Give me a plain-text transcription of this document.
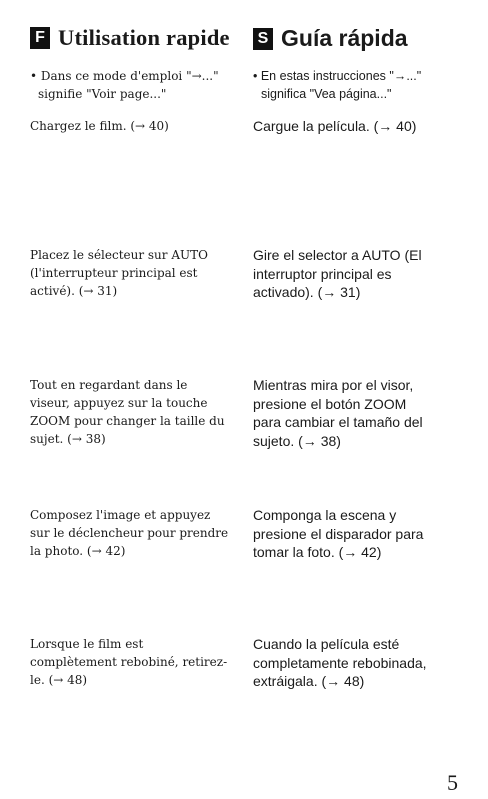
F Utilisation rapide
• Dans ce mode d'emploi "→..."
signifie "Voir page..."

Chargez le film. (→ 40)

Placez le sélecteur sur AUTO
(l'interrupteur principal est
activé). (→ 31)

Tout en regardant dans le
viseur, appuyez sur la touche
ZOOM pour changer la taille du
sujet. (→ 38)

Composez l'image et appuyez
sur le déclencheur pour prendre
la photo. (→ 42)

Lorsque le film est
complètement rebobiné, retirez-
le. (→ 48)

S Guía rápida
• En estas instrucciones "→..."
significa "Vea página..."

Cargue la película. (→ 40)

Gire el selector a AUTO (El
interruptor principal es
activado). (→ 31)

Mientras mira por el visor,
presione el botón ZOOM
para cambiar el tamaño del
sujeto. (→ 38)

Componga la escena y
presione el disparador para
tomar la foto. (→ 42)

Cuando la película esté
completamente rebobinada,
extráigala. (→ 48)

5
